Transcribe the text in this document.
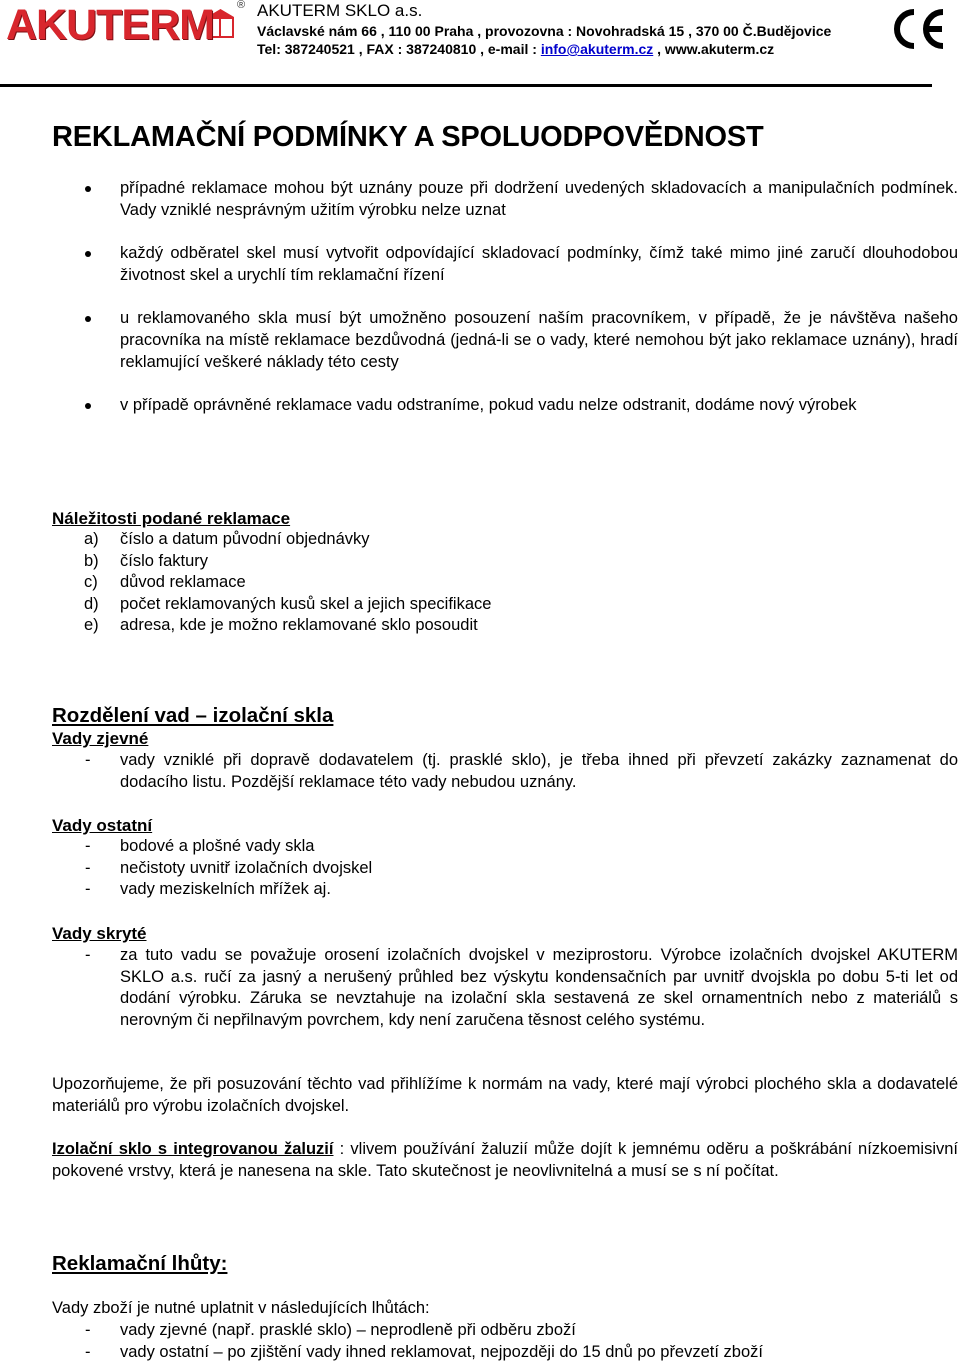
AKUTERM ® AKUTERM SKLO a.s.
Václavské nám 66 , 110 00 Praha , provozovna : Novohradská 15 , 370 00 Č.Budějovice
Tel: 387240521 , FAX : 387240810 , e-mail : info@akuterm.cz , www.akuterm.cz
REKLAMAČNÍ PODMÍNKY A SPOLUODPOVĚDNOST
případné reklamace mohou být uznány pouze při dodržení uvedených skladovacích a manipulačních podmínek. Vady vzniklé nesprávným užitím výrobku nelze uznat
každý odběratel skel musí vytvořit odpovídající skladovací podmínky, čímž také mimo jiné zaručí dlouhodobou životnost skel a urychlí tím reklamační řízení
u reklamovaného skla musí být umožněno posouzení naším pracovníkem, v případě, že je návštěva našeho pracovníka na místě reklamace bezdůvodná (jedná-li se o vady, které nemohou být jako reklamace uznány), hradí reklamující veškeré náklady této cesty
v případě oprávněné reklamace vadu odstraníme, pokud vadu nelze odstranit, dodáme nový výrobek
Náležitosti podané reklamace
a) číslo a datum původní objednávky
b) číslo faktury
c) důvod reklamace
d) počet reklamovaných kusů skel a jejich specifikace
e) adresa, kde je možno reklamované sklo posoudit
Rozdělení vad – izolační skla
Vady zjevné
- vady vzniklé při dopravě dodavatelem (tj. prasklé sklo), je třeba ihned při převzetí zakázky zaznamenat do dodacího listu. Pozdější reklamace této vady nebudou uznány.
Vady ostatní
- bodové a plošné vady skla
- nečistoty uvnitř izolačních dvojskel
- vady meziskelních mřížek aj.
Vady skryté
- za tuto vadu se považuje orosení izolačních dvojskel v meziprostoru. Výrobce izolačních dvojskel AKUTERM SKLO a.s. ručí za jasný a nerušený průhled bez výskytu kondensačních par uvnitř dvojskla po dobu 5-ti let od dodání výrobku. Záruka se nevztahuje na izolační skla sestavená ze skel ornamentních nebo z materiálů s nerovným či nepřilnavým povrchem, kdy není zaručena těsnost celého systému.
Upozorňujeme, že při posuzování těchto vad přihlížíme k normám na vady, které mají výrobci plochého skla a dodavatelé materiálů pro výrobu izolačních dvojskel.
Izolační sklo s integrovanou žaluzií : vlivem používání žaluzií může dojít k jemnému oděru a poškrábání nízkoemisivní pokovené vrstvy, která je nanesena na skle. Tato skutečnost je neovlivnitelná a musí se s ní počítat.
Reklamační lhůty:
Vady zboží je nutné uplatnit v následujících lhůtách:
- vady zjevné (např. prasklé sklo) – neprodleně při odběru zboží
- vady ostatní – po zjištění vady ihned reklamovat, nejpozději do 15 dnů po převzetí zboží
